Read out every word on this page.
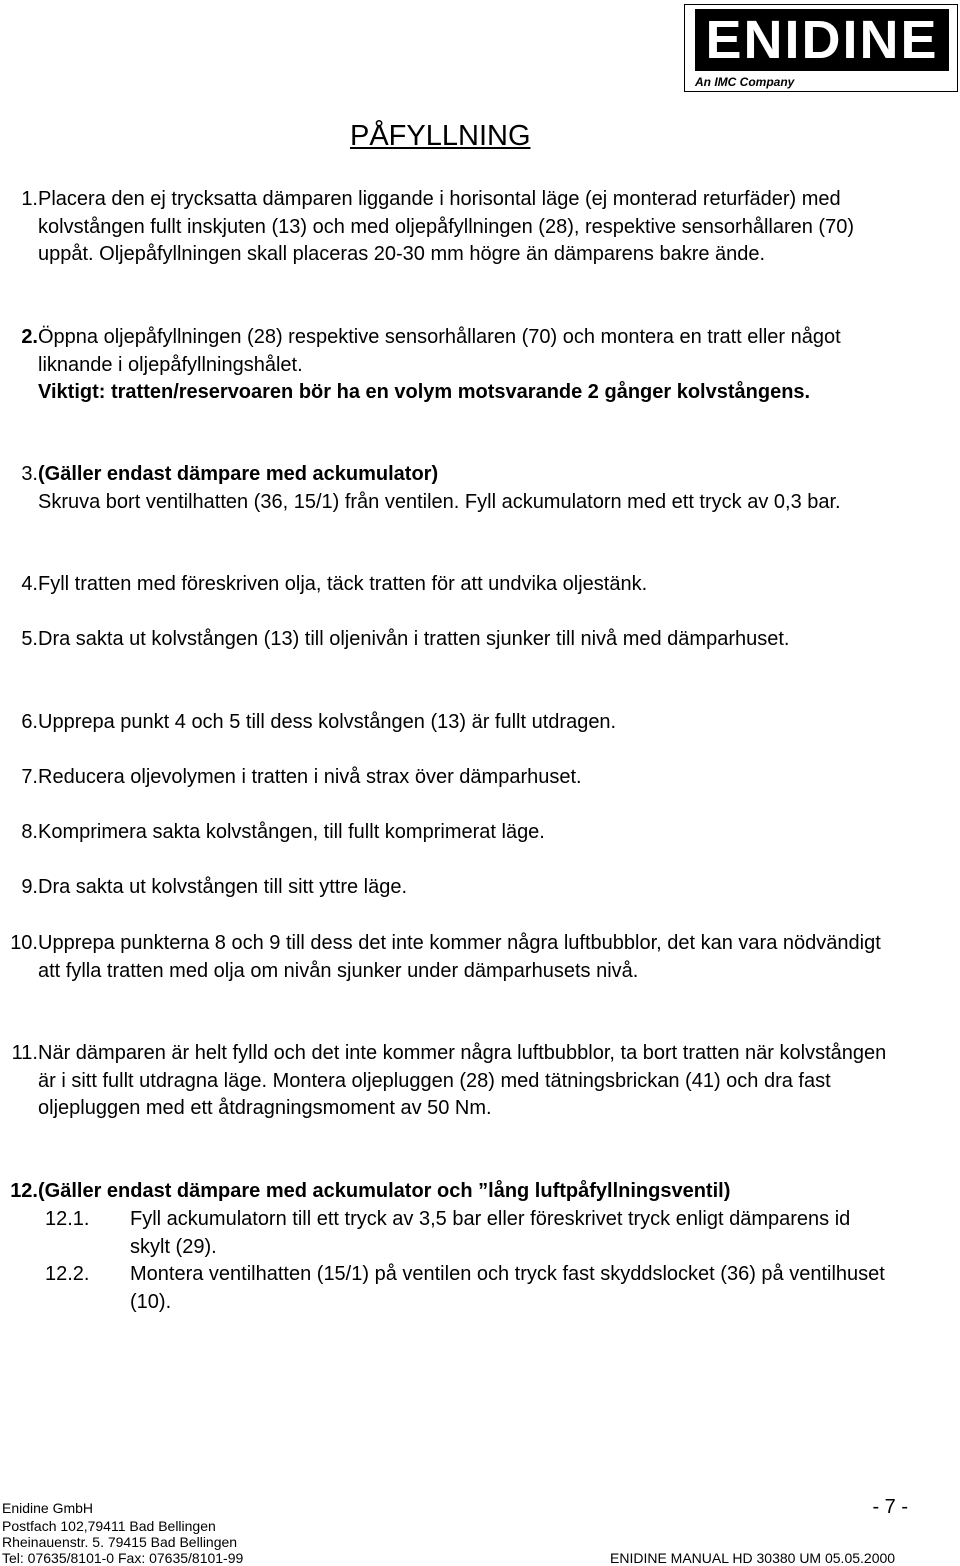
ENIDINE
An IMC Company
PÅFYLLNING
1. Placera den ej trycksatta dämparen liggande i horisontal läge (ej monterad returfäder) med kolvstången fullt inskjuten (13) och med oljepåfyllningen (28), respektive sensorhållaren (70) uppåt. Oljepåfyllningen skall placeras 20-30 mm högre än dämparens bakre ände.
2. Öppna oljepåfyllningen (28) respektive sensorhållaren (70) och montera en tratt eller något liknande i oljepåfyllningshålet.
Viktigt: tratten/reservoaren bör ha en volym motsvarande 2 gånger kolvstångens.
3. (Gäller endast dämpare med ackumulator)
Skruva bort ventilhatten (36, 15/1) från ventilen. Fyll ackumulatorn med ett tryck av 0,3 bar.
4. Fyll tratten med föreskriven olja, täck tratten för att undvika oljestänk.
5. Dra sakta ut kolvstången (13) till oljenivån i tratten sjunker till nivå med dämparhuset.
6. Upprepa punkt 4 och 5 till dess kolvstången (13) är fullt utdragen.
7. Reducera oljevolymen i tratten i nivå strax över dämparhuset.
8. Komprimera sakta kolvstången, till fullt komprimerat läge.
9. Dra sakta ut kolvstången till sitt yttre läge.
10. Upprepa punkterna 8 och 9 till dess det inte kommer några luftbubblor, det kan vara nödvändigt att fylla tratten med olja om nivån sjunker under dämparhusets nivå.
11. När dämparen är helt fylld och det inte kommer några luftbubblor, ta bort tratten när kolvstången är i sitt fullt utdragna läge. Montera oljepluggen (28) med tätningsbrickan (41) och dra fast oljepluggen med ett åtdragningsmoment av 50 Nm.
12. (Gäller endast dämpare med ackumulator och ”lång luftpåfyllningsventil)
12.1.	Fyll ackumulatorn till ett tryck av 3,5 bar eller föreskrivet tryck enligt dämparens id skylt (29).
12.2.	Montera ventilhatten (15/1) på ventilen och tryck fast skyddslocket (36) på ventilhuset (10).
Enidine GmbH
Postfach 102,79411 Bad Bellingen
Rheinauenstr. 5. 79415 Bad Bellingen
Tel: 07635/8101-0 Fax: 07635/8101-99
- 7 -
ENIDINE MANUAL HD 30380 UM 05.05.2000
